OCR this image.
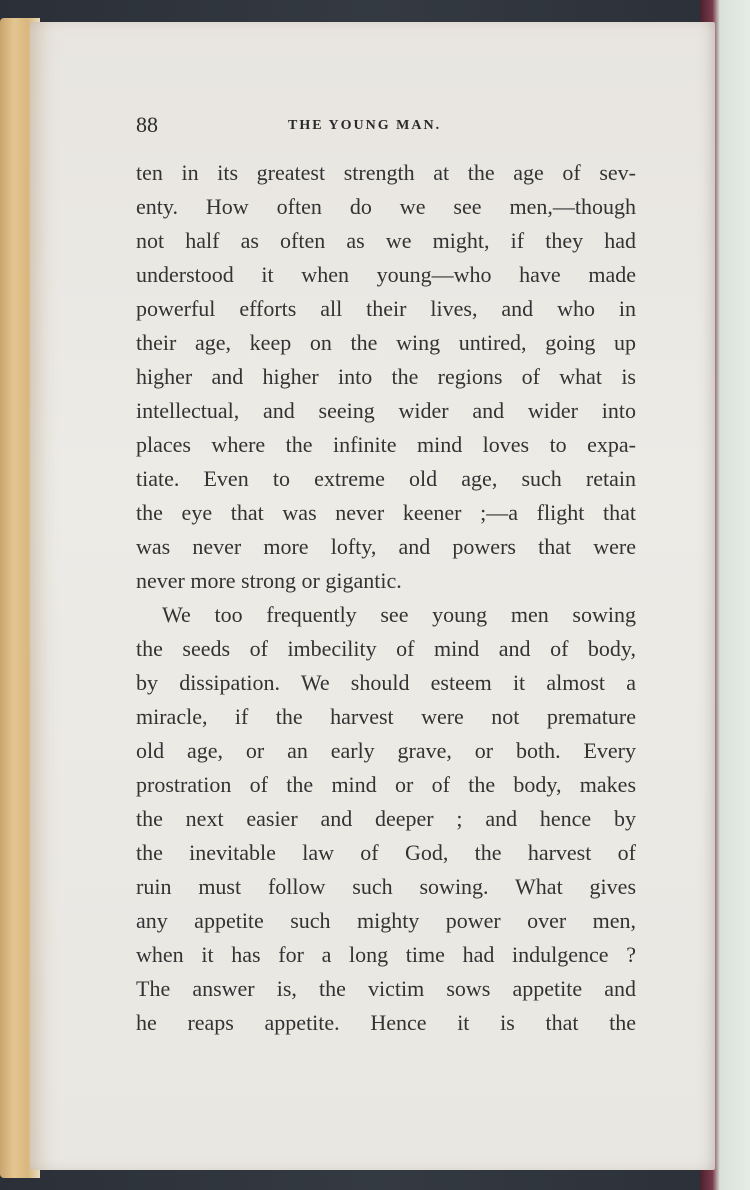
88	THE YOUNG MAN.
ten in its greatest strength at the age of sev-
enty. How often do we see men,—though
not half as often as we might, if they had
understood it when young—who have made
powerful efforts all their lives, and who in
their age, keep on the wing untired, going up
higher and higher into the regions of what is
intellectual, and seeing wider and wider into
places where the infinite mind loves to expa-
tiate. Even to extreme old age, such retain
the eye that was never keener ;—a flight that
was never more lofty, and powers that were
never more strong or gigantic.
We too frequently see young men sowing
the seeds of imbecility of mind and of body,
by dissipation. We should esteem it almost a
miracle, if the harvest were not premature
old age, or an early grave, or both. Every
prostration of the mind or of the body, makes
the next easier and deeper ; and hence by
the inevitable law of God, the harvest of
ruin must follow such sowing. What gives
any appetite such mighty power over men,
when it has for a long time had indulgence ?
The answer is, the victim sows appetite and
he reaps appetite. Hence it is that the
